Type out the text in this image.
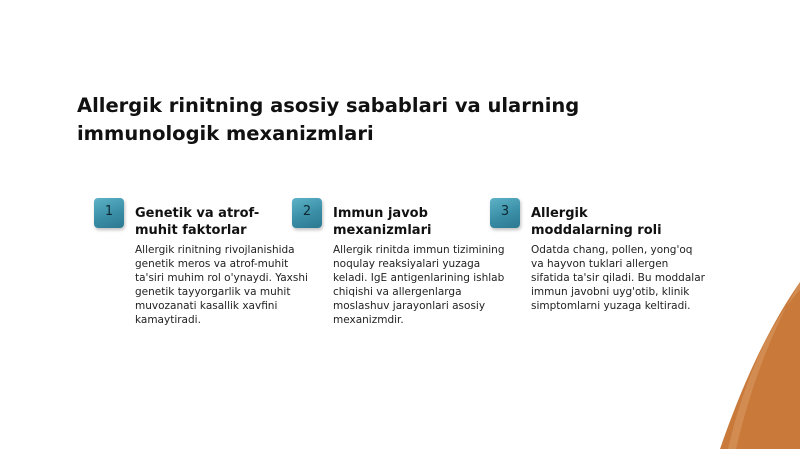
Allergik rinitning asosiy sabablari va ularning immunologik mexanizmlari
1	Genetik va atrof-muhit faktorlar

Allergik rinitning rivojlanishida genetik meros va atrof-muhit ta'siri muhim rol o'ynaydi. Yaxshi genetik tayyorgarlik va muhit muvozanati kasallik xavfini kamaytiradi.

2	Immun javob mexanizmlari

Allergik rinitda immun tizimining noqulay reaksiyalari yuzaga keladi. IgE antigenlarining ishlab chiqishi va allergenlarga moslashuv jarayonlari asosiy mexanizmdir.

3	Allergik moddalarning roli

Odatda chang, pollen, yong'oq va hayvon tuklari allergen sifatida ta'sir qiladi. Bu moddalar immun javobni uyg'otib, klinik simptomlarni yuzaga keltiradi.
